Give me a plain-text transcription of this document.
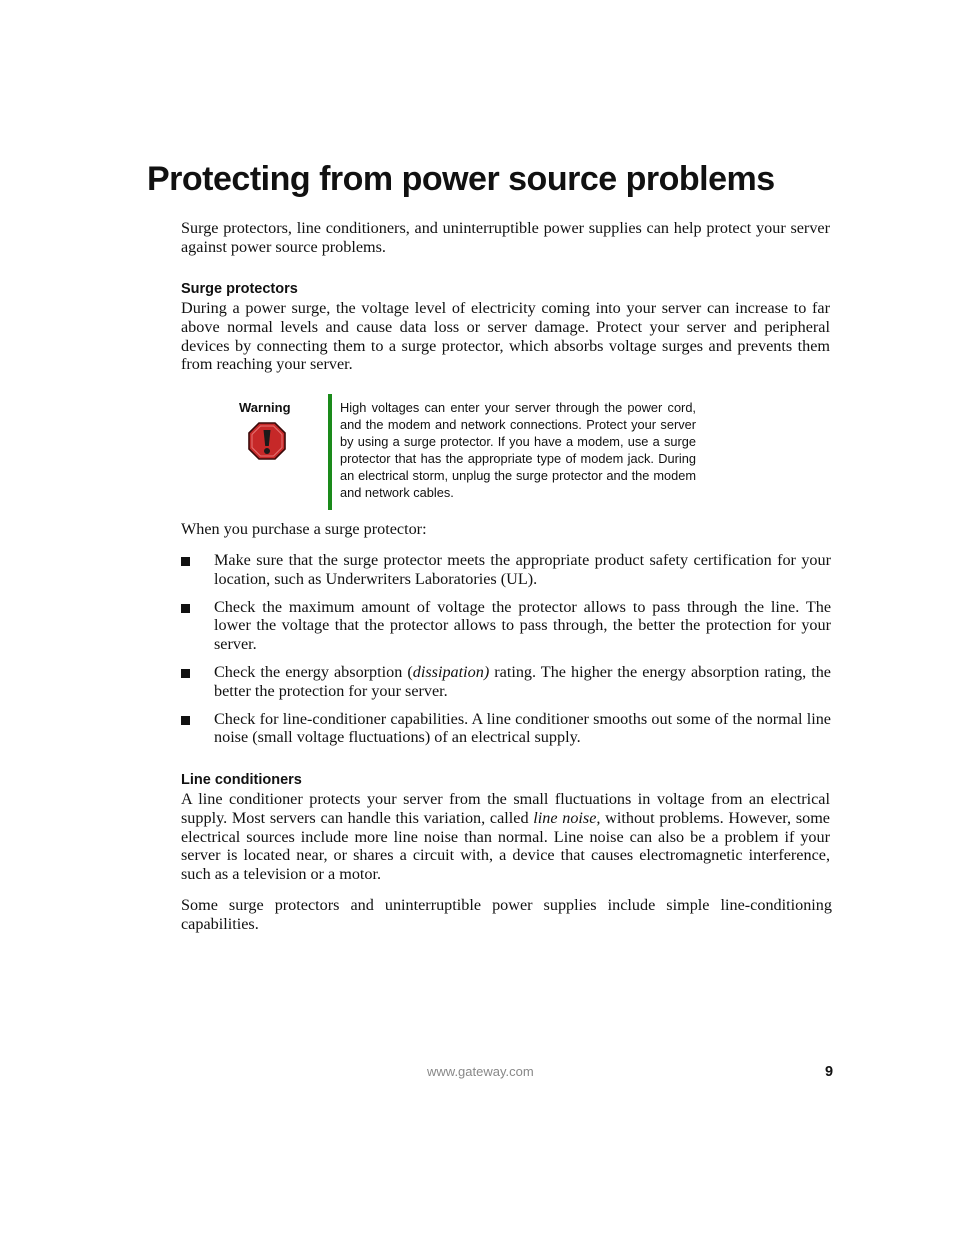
Protecting from power source problems

Surge protectors, line conditioners, and uninterruptible power supplies can help protect your server against power source problems.

Surge protectors

During a power surge, the voltage level of electricity coming into your server can increase to far above normal levels and cause data loss or server damage. Protect your server and peripheral devices by connecting them to a surge protector, which absorbs voltage surges and prevents them from reaching your server.

Warning	High voltages can enter your server through the power cord, and the modem and network connections. Protect your server by using a surge protector. If you have a modem, use a surge protector that has the appropriate type of modem jack. During an electrical storm, unplug the surge protector and the modem and network cables.

When you purchase a surge protector:

Make sure that the surge protector meets the appropriate product safety certification for your location, such as Underwriters Laboratories (UL).
Check the maximum amount of voltage the protector allows to pass through the line. The lower the voltage that the protector allows to pass through, the better the protection for your server.
Check the energy absorption (dissipation) rating. The higher the energy absorption rating, the better the protection for your server.
Check for line-conditioner capabilities. A line conditioner smooths out some of the normal line noise (small voltage fluctuations) of an electrical supply.
Line conditioners

A line conditioner protects your server from the small fluctuations in voltage from an electrical supply. Most servers can handle this variation, called line noise, without problems. However, some electrical sources include more line noise than normal. Line noise can also be a problem if your server is located near, or shares a circuit with, a device that causes electromagnetic interference, such as a television or a motor.

Some surge protectors and uninterruptible power supplies include simple line-conditioning capabilities.

www.gateway.com	9
